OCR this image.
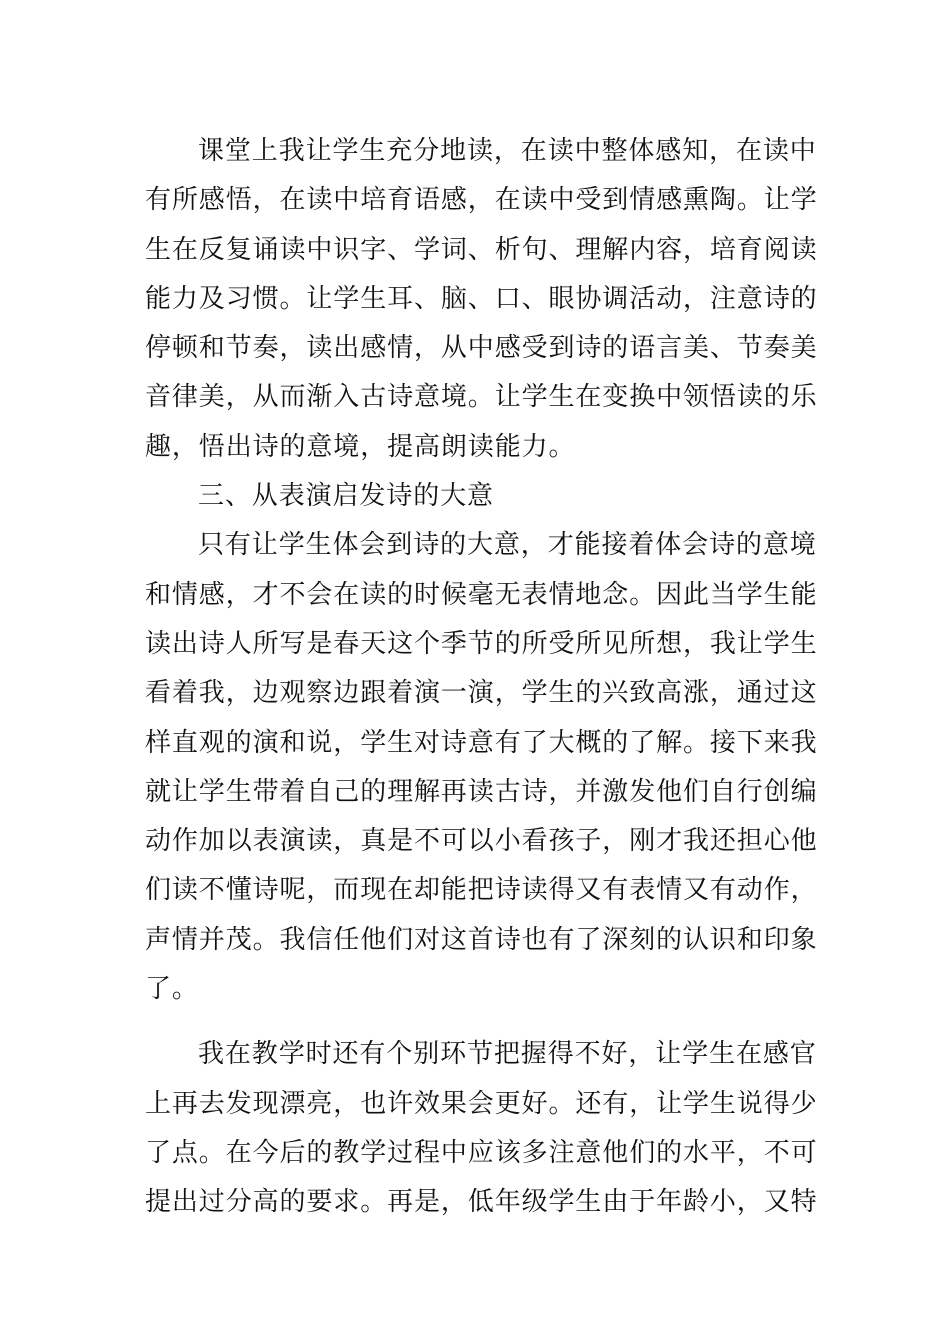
课堂上我让学生充分地读，在读中整体感知，在读中
有所感悟，在读中培育语感，在读中受到情感熏陶。让学
生在反复诵读中识字、学词、析句、理解内容，培育阅读
能力及习惯。让学生耳、脑、口、眼协调活动，注意诗的
停顿和节奏，读出感情，从中感受到诗的语言美、节奏美
音律美，从而渐入古诗意境。让学生在变换中领悟读的乐
趣，悟出诗的意境，提高朗读能力。
三、从表演启发诗的大意
只有让学生体会到诗的大意，才能接着体会诗的意境
和情感，才不会在读的时候毫无表情地念。因此当学生能
读出诗人所写是春天这个季节的所受所见所想，我让学生
看着我，边观察边跟着演一演，学生的兴致高涨，通过这
样直观的演和说，学生对诗意有了大概的了解。接下来我
就让学生带着自己的理解再读古诗，并激发他们自行创编
动作加以表演读，真是不可以小看孩子，刚才我还担心他
们读不懂诗呢，而现在却能把诗读得又有表情又有动作，
声情并茂。我信任他们对这首诗也有了深刻的认识和印象
了。
我在教学时还有个别环节把握得不好，让学生在感官
上再去发现漂亮，也许效果会更好。还有，让学生说得少
了点。在今后的教学过程中应该多注意他们的水平，不可
提出过分高的要求。再是，低年级学生由于年龄小，又特
